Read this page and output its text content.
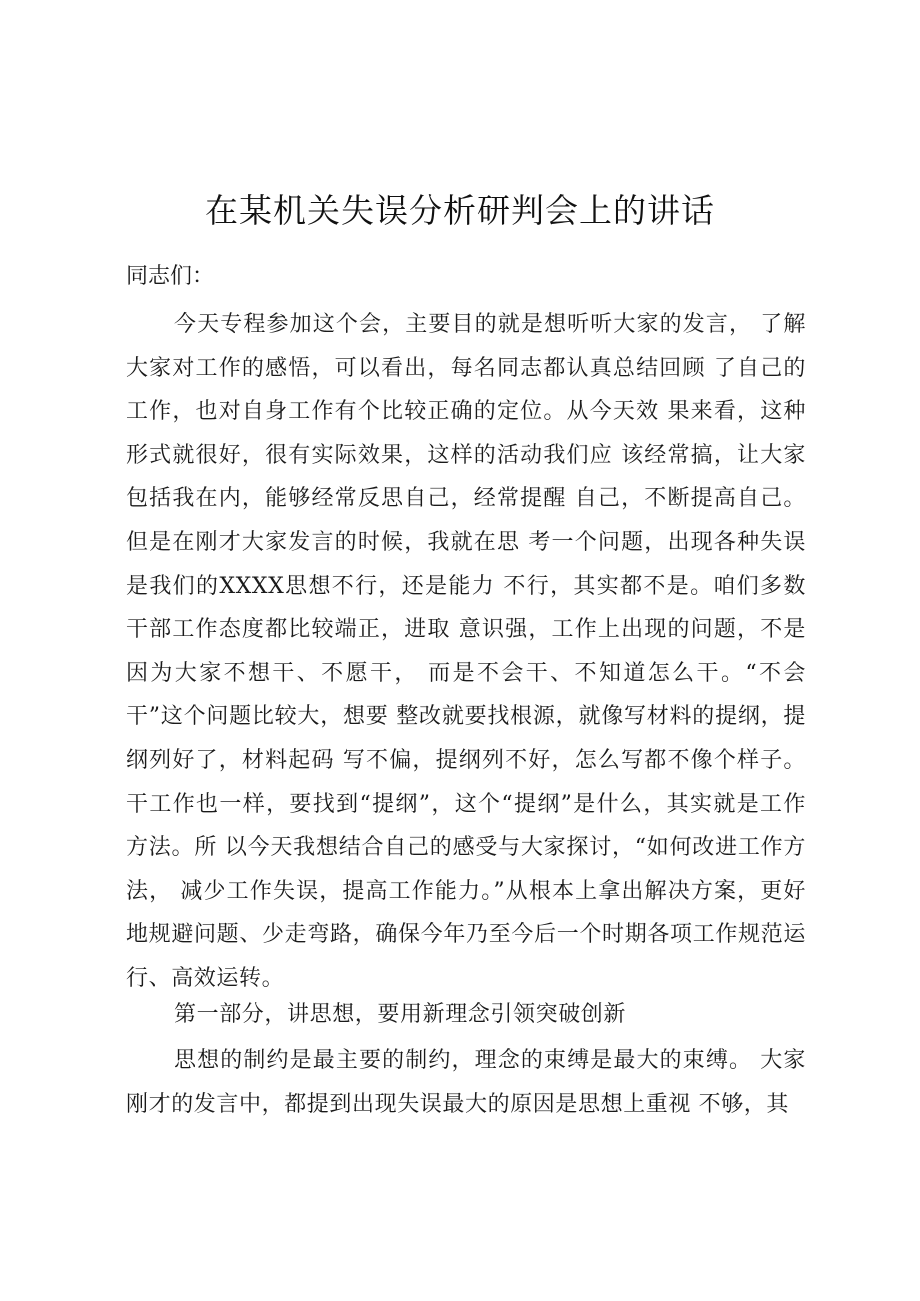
在某机关失误分析研判会上的讲话

同志们：

今天专程参加这个会，主要目的就是想听听大家的发言， 了解大家对工作的感悟，可以看出，每名同志都认真总结回顾 了自己的工作，也对自身工作有个比较正确的定位。从今天效 果来看，这种形式就很好，很有实际效果，这样的活动我们应 该经常搞，让大家包括我在内，能够经常反思自己，经常提醒 自己，不断提高自己。但是在刚才大家发言的时候，我就在思 考一个问题，出现各种失误是我们的XXXX思想不行，还是能力 不行，其实都不是。咱们多数干部工作态度都比较端正，进取 意识强，工作上出现的问题，不是因为大家不想干、不愿干， 而是不会干、不知道怎么干。“不会干”这个问题比较大，想要 整改就要找根源，就像写材料的提纲，提纲列好了，材料起码 写不偏，提纲列不好，怎么写都不像个样子。干工作也一样，要找到“提纲”，这个“提纲”是什么，其实就是工作方法。所 以今天我想结合自己的感受与大家探讨，“如何改进工作方法， 减少工作失误，提高工作能力。”从根本上拿出解决方案，更好 地规避问题、少走弯路，确保今年乃至今后一个时期各项工作规范运行、高效运转。

第一部分，讲思想，要用新理念引领突破创新

思想的制约是最主要的制约，理念的束缚是最大的束缚。 大家刚才的发言中，都提到出现失误最大的原因是思想上重视 不够，其
